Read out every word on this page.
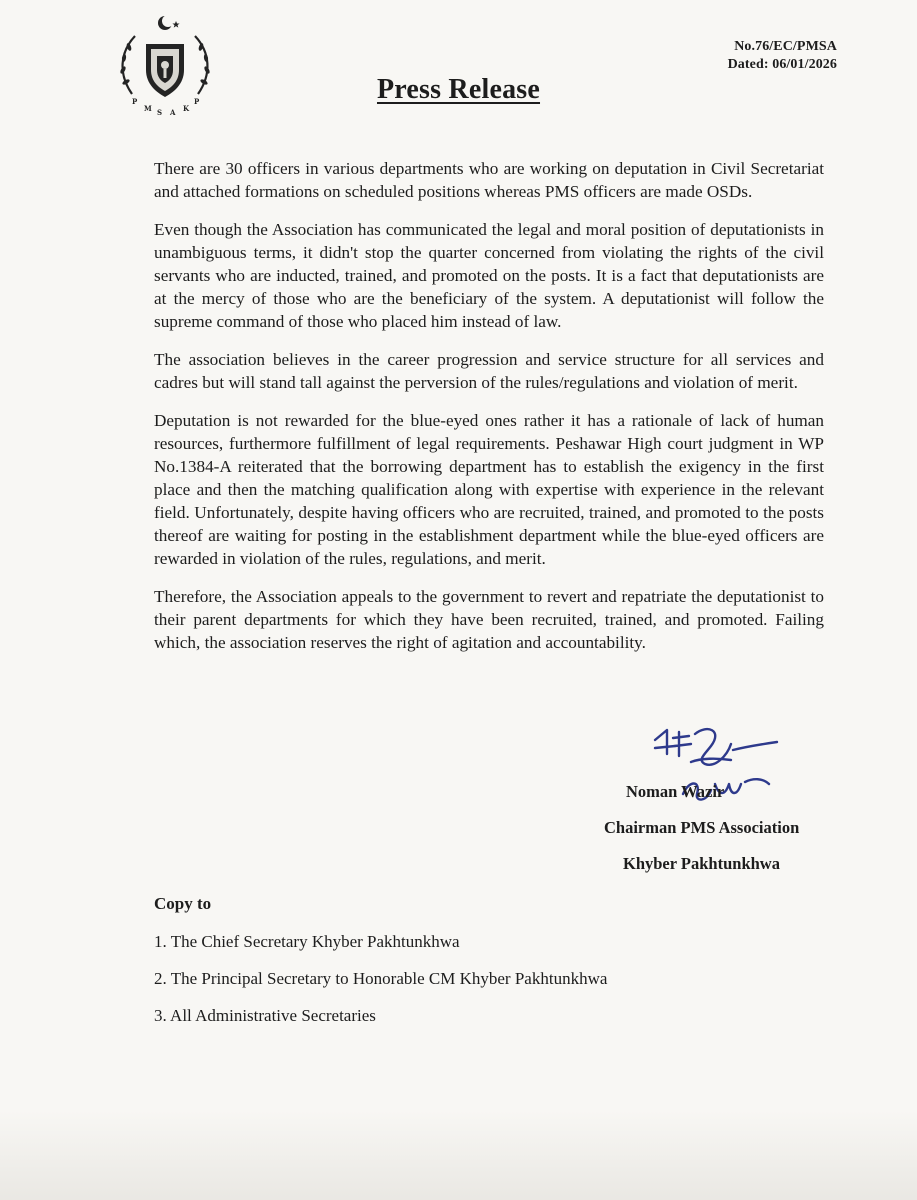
P
M S A K
P
No.76/EC/PMSA
Dated: 06/01/2026
Press Release

There are 30 officers in various departments who are working on deputation in Civil Secretariat and attached formations on scheduled positions whereas PMS officers are made OSDs.

Even though the Association has communicated the legal and moral position of deputationists in unambiguous terms, it didn't stop the quarter concerned from violating the rights of the civil servants who are inducted, trained, and promoted on the posts. It is a fact that deputationists are at the mercy of those who are the beneficiary of the system. A deputationist will follow the supreme command of those who placed him instead of law.

The association believes in the career progression and service structure for all services and cadres but will stand tall against the perversion of the rules/regulations and violation of merit.

Deputation is not rewarded for the blue-eyed ones rather it has a rationale of lack of human resources, furthermore fulfillment of legal requirements. Peshawar High court judgment in WP No.1384-A reiterated that the borrowing department has to establish the exigency in the first place and then the matching qualification along with expertise with experience in the relevant field. Unfortunately, despite having officers who are recruited, trained, and promoted to the posts thereof are waiting for posting in the establishment department while the blue-eyed officers are rewarded in violation of the rules, regulations, and merit.

Therefore, the Association appeals to the government to revert and repatriate the deputationist to their parent departments for which they have been recruited, trained, and promoted. Failing which, the association reserves the right of agitation and accountability.

Noman Wazir
Chairman PMS Association
Khyber Pakhtunkhwa
Copy to
1. The Chief Secretary Khyber Pakhtunkhwa
2. The Principal Secretary to Honorable CM Khyber Pakhtunkhwa
3. All Administrative Secretaries
